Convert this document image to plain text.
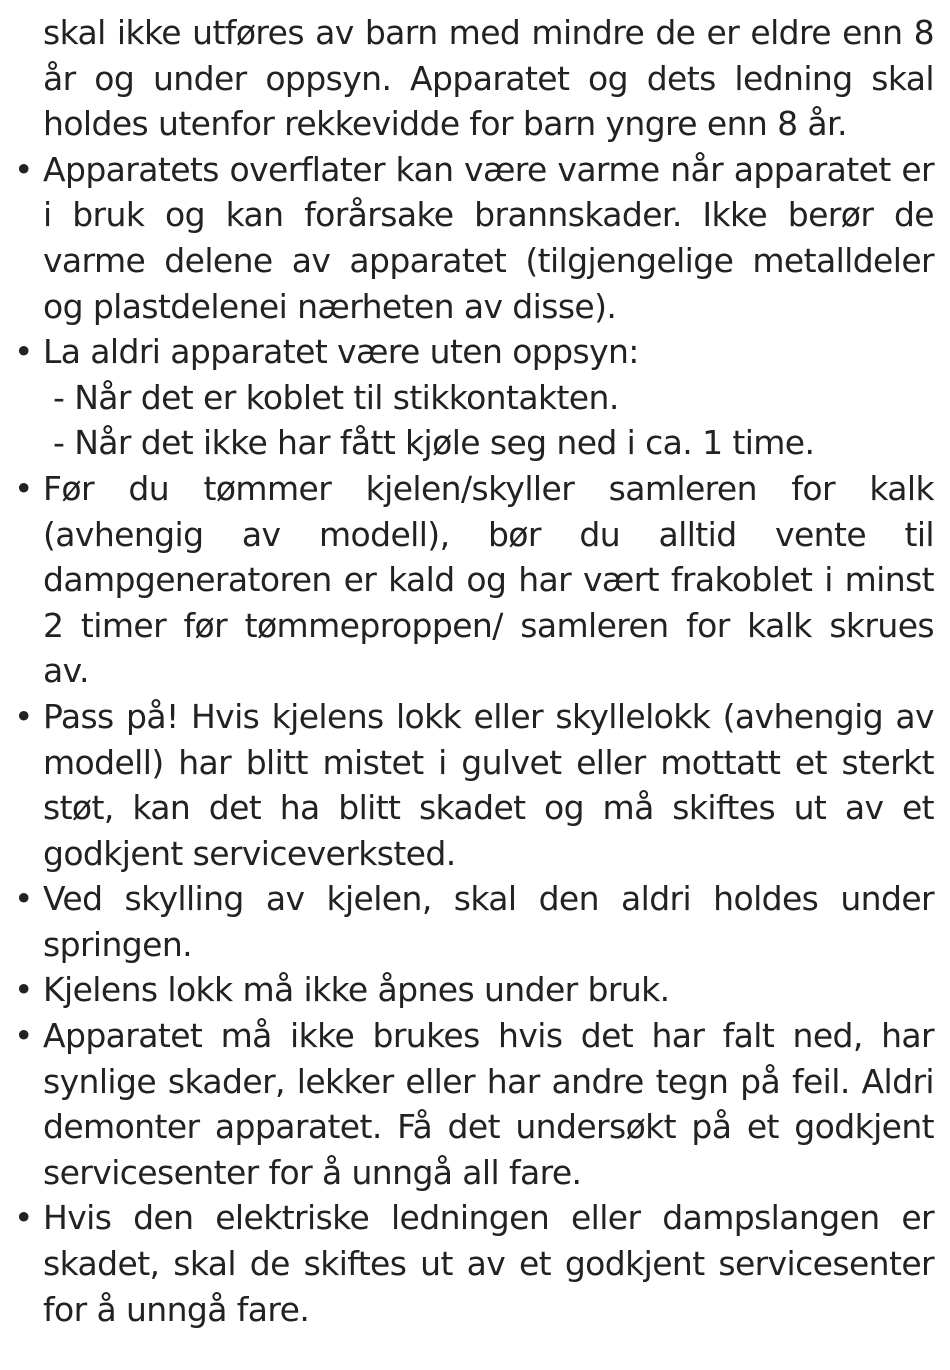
skal ikke utføres av barn med mindre de er eldre enn 8 år og under oppsyn. Apparatet og dets ledning skal holdes utenfor rekkevidde for barn yngre enn 8 år.
• Apparatets overflater kan være varme når apparatet er i bruk og kan forårsake brannskader. Ikke berør de varme delene av apparatet (tilgjengelige metalldeler og plastdelenei nærheten av disse).
• La aldri apparatet være uten oppsyn:
- Når det er koblet til stikkontakten.
- Når det ikke har fått kjøle seg ned i ca. 1 time.
• Før du tømmer kjelen/skyller samleren for kalk (avhengig av modell), bør du alltid vente til dampgeneratoren er kald og har vært frakoblet i minst 2 timer før tømmeproppen/ samleren for kalk skrues av.
• Pass på! Hvis kjelens lokk eller skyllelokk (avhengig av modell) har blitt mistet i gulvet eller mottatt et sterkt støt, kan det ha blitt skadet og må skiftes ut av et godkjent serviceverksted.
• Ved skylling av kjelen, skal den aldri holdes under springen.
• Kjelens lokk må ikke åpnes under bruk.
• Apparatet må ikke brukes hvis det har falt ned, har synlige skader, lekker eller har andre tegn på feil. Aldri demonter apparatet. Få det undersøkt på et godkjent servicesenter for å unngå all fare.
• Hvis den elektriske ledningen eller dampslangen er skadet, skal de skiftes ut av et godkjent servicesenter for å unngå fare.
